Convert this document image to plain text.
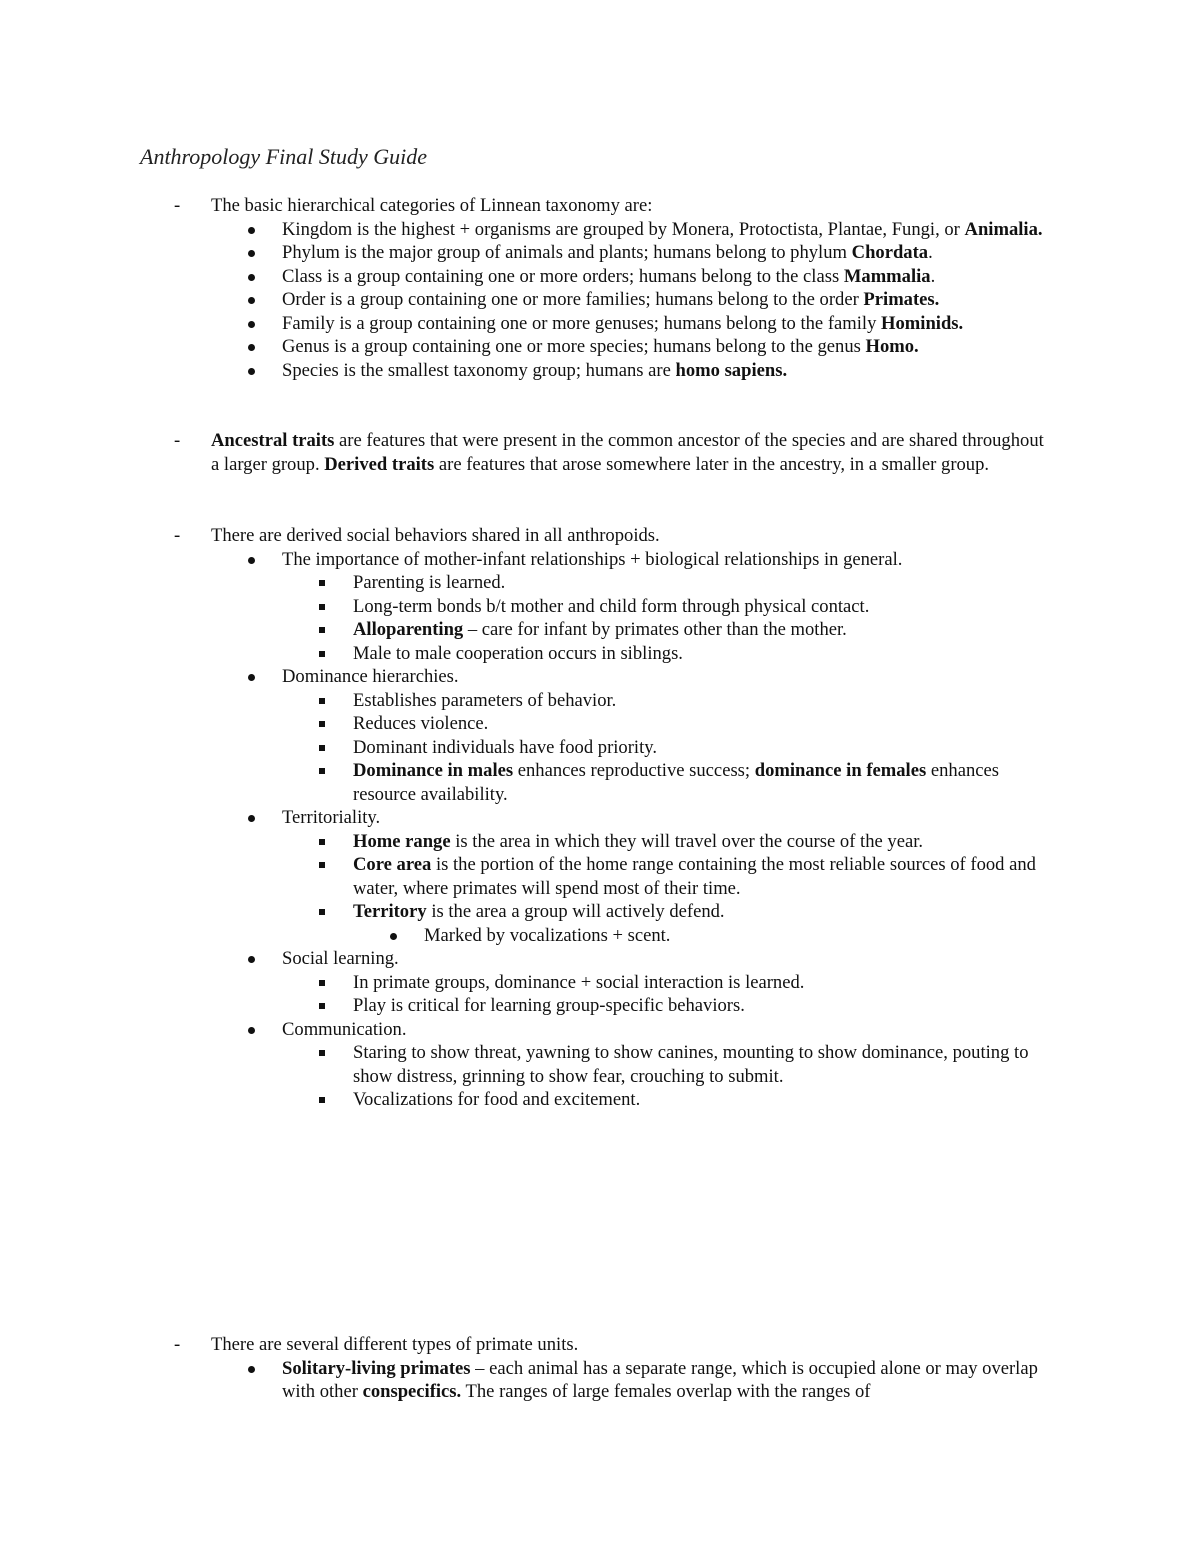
Anthropology Final Study Guide
- The basic hierarchical categories of Linnean taxonomy are:
Kingdom is the highest + organisms are grouped by Monera, Protoctista, Plantae, Fungi, or Animalia.
Phylum is the major group of animals and plants; humans belong to phylum Chordata.
Class is a group containing one or more orders; humans belong to the class Mammalia.
Order is a group containing one or more families; humans belong to the order Primates.
Family is a group containing one or more genuses; humans belong to the family Hominids.
Genus is a group containing one or more species; humans belong to the genus Homo.
Species is the smallest taxonomy group; humans are homo sapiens.
- Ancestral traits are features that were present in the common ancestor of the species and are shared throughout a larger group. Derived traits are features that arose somewhere later in the ancestry, in a smaller group.
- There are derived social behaviors shared in all anthropoids.
The importance of mother-infant relationships + biological relationships in general.
Parenting is learned.
Long-term bonds b/t mother and child form through physical contact.
Alloparenting – care for infant by primates other than the mother.
Male to male cooperation occurs in siblings.
Dominance hierarchies.
Establishes parameters of behavior.
Reduces violence.
Dominant individuals have food priority.
Dominance in males enhances reproductive success; dominance in females enhances resource availability.
Territoriality.
Home range is the area in which they will travel over the course of the year.
Core area is the portion of the home range containing the most reliable sources of food and water, where primates will spend most of their time.
Territory is the area a group will actively defend.
Marked by vocalizations + scent.
Social learning.
In primate groups, dominance + social interaction is learned.
Play is critical for learning group-specific behaviors.
Communication.
Staring to show threat, yawning to show canines, mounting to show dominance, pouting to show distress, grinning to show fear, crouching to submit.
Vocalizations for food and excitement.
- There are several different types of primate units.
Solitary-living primates – each animal has a separate range, which is occupied alone or may overlap with other conspecifics. The ranges of large females overlap with the ranges of
